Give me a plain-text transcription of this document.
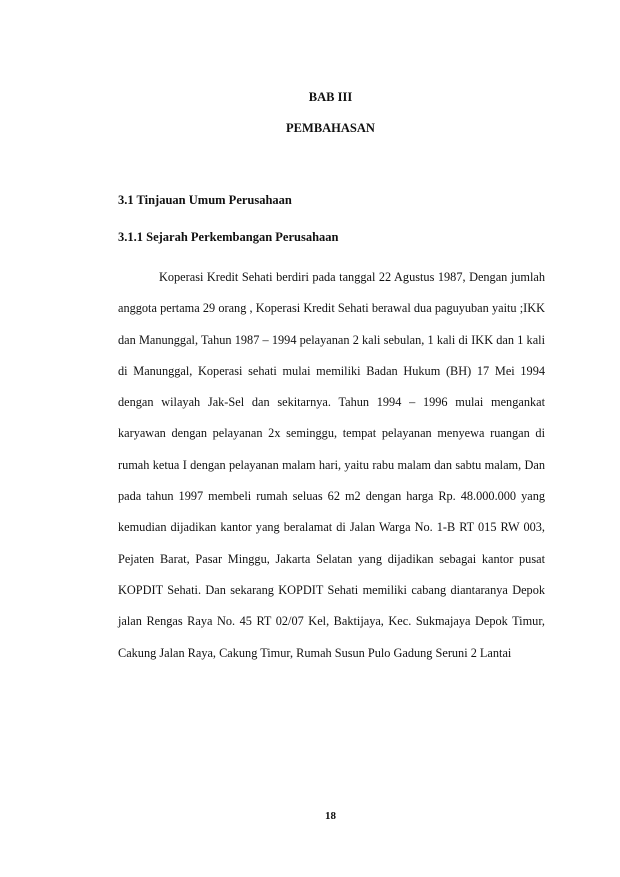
BAB III
PEMBAHASAN
3.1 Tinjauan Umum Perusahaan
3.1.1 Sejarah Perkembangan Perusahaan

Koperasi Kredit Sehati berdiri pada tanggal 22 Agustus 1987, Dengan jumlah anggota pertama 29 orang , Koperasi Kredit Sehati berawal dua paguyuban yaitu ;IKK dan Manunggal, Tahun 1987 – 1994 pelayanan 2 kali sebulan, 1 kali di IKK dan 1 kali di Manunggal, Koperasi sehati mulai memiliki Badan Hukum (BH) 17 Mei 1994 dengan wilayah Jak-Sel dan sekitarnya. Tahun 1994 – 1996 mulai mengankat karyawan dengan pelayanan 2x seminggu, tempat pelayanan menyewa ruangan di rumah ketua I dengan pelayanan malam hari, yaitu rabu malam dan sabtu malam, Dan pada tahun 1997 membeli rumah seluas 62 m2 dengan harga Rp. 48.000.000 yang kemudian dijadikan kantor yang beralamat di Jalan Warga No. 1-B RT 015 RW 003, Pejaten Barat, Pasar Minggu, Jakarta Selatan yang dijadikan sebagai kantor pusat KOPDIT Sehati. Dan sekarang KOPDIT Sehati memiliki cabang diantaranya Depok jalan Rengas Raya No. 45 RT 02/07 Kel, Baktijaya, Kec. Sukmajaya Depok Timur, Cakung Jalan Raya, Cakung Timur, Rumah Susun Pulo Gadung Seruni 2 Lantai

18
